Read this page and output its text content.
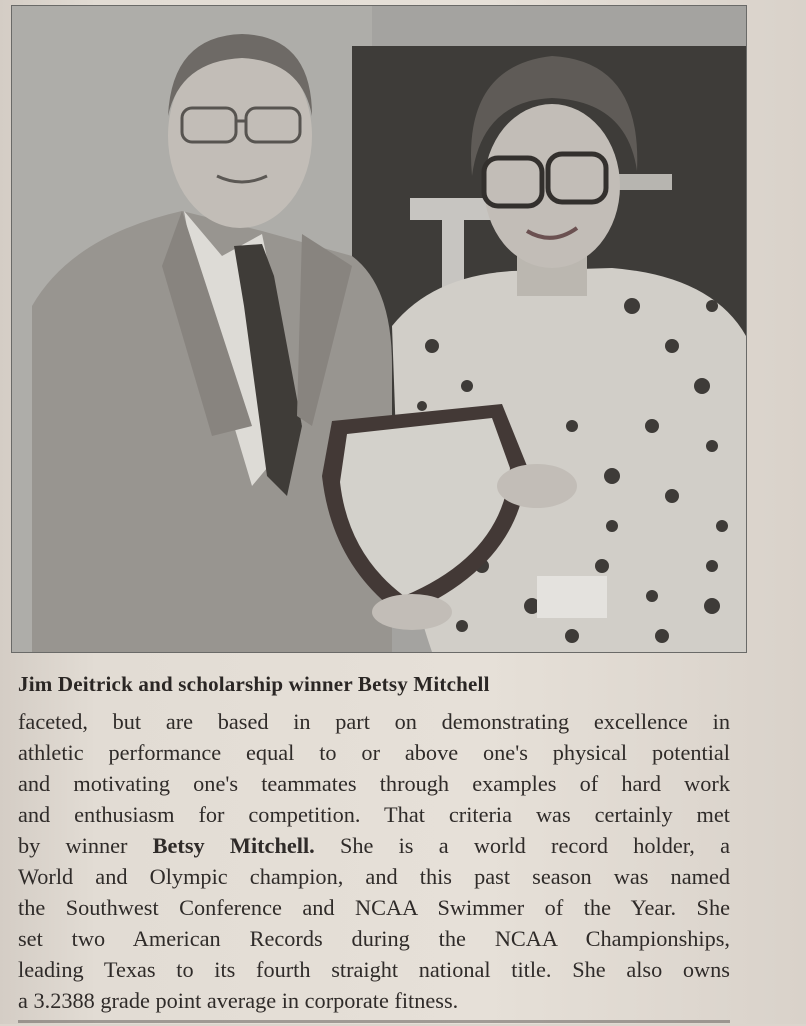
Jim Deitrick and scholarship winner Betsy Mitchell
faceted, but are based in part on demonstrating excellence in
athletic performance equal to or above one's physical potential
and motivating one's teammates through examples of hard work
and enthusiasm for competition. That criteria was certainly met
by winner Betsy Mitchell. She is a world record holder, a
World and Olympic champion, and this past season was named
the Southwest Conference and NCAA Swimmer of the Year. She
set two American Records during the NCAA Championships,
leading Texas to its fourth straight national title. She also owns
a 3.2388 grade point average in corporate fitness.
